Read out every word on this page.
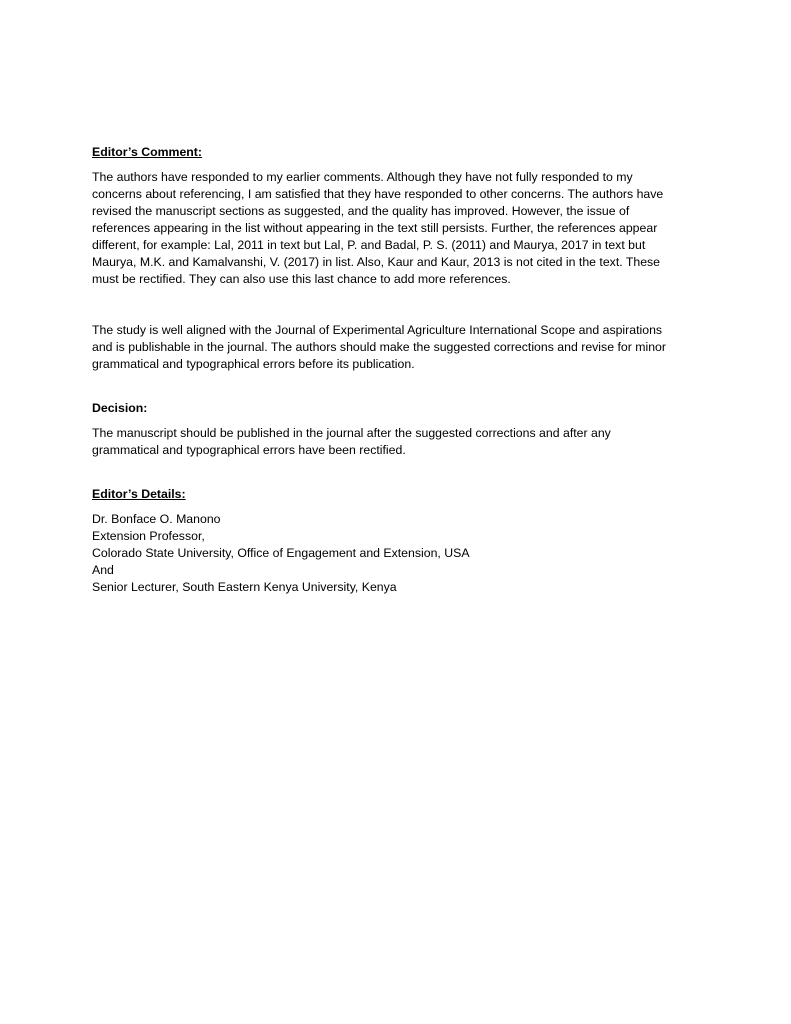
Editor’s Comment:
The authors have responded to my earlier comments. Although they have not fully responded to my
concerns about referencing, I am satisfied that they have responded to other concerns. The authors have
revised the manuscript sections as suggested, and the quality has improved. However, the issue of
references appearing in the list without appearing in the text still persists. Further, the references appear
different, for example: Lal, 2011 in text but Lal, P. and Badal, P. S. (2011) and Maurya, 2017 in text but
Maurya, M.K. and Kamalvanshi, V. (2017) in list. Also, Kaur and Kaur, 2013 is not cited in the text. These
must be rectified. They can also use this last chance to add more references.
The study is well aligned with the Journal of Experimental Agriculture International Scope and aspirations
and is publishable in the journal. The authors should make the suggested corrections and revise for minor
grammatical and typographical errors before its publication.
Decision:
The manuscript should be published in the journal after the suggested corrections and after any
grammatical and typographical errors have been rectified.
Editor’s Details:
Dr. Bonface O. Manono
Extension Professor,
Colorado State University, Office of Engagement and Extension, USA
And
Senior Lecturer, South Eastern Kenya University, Kenya
